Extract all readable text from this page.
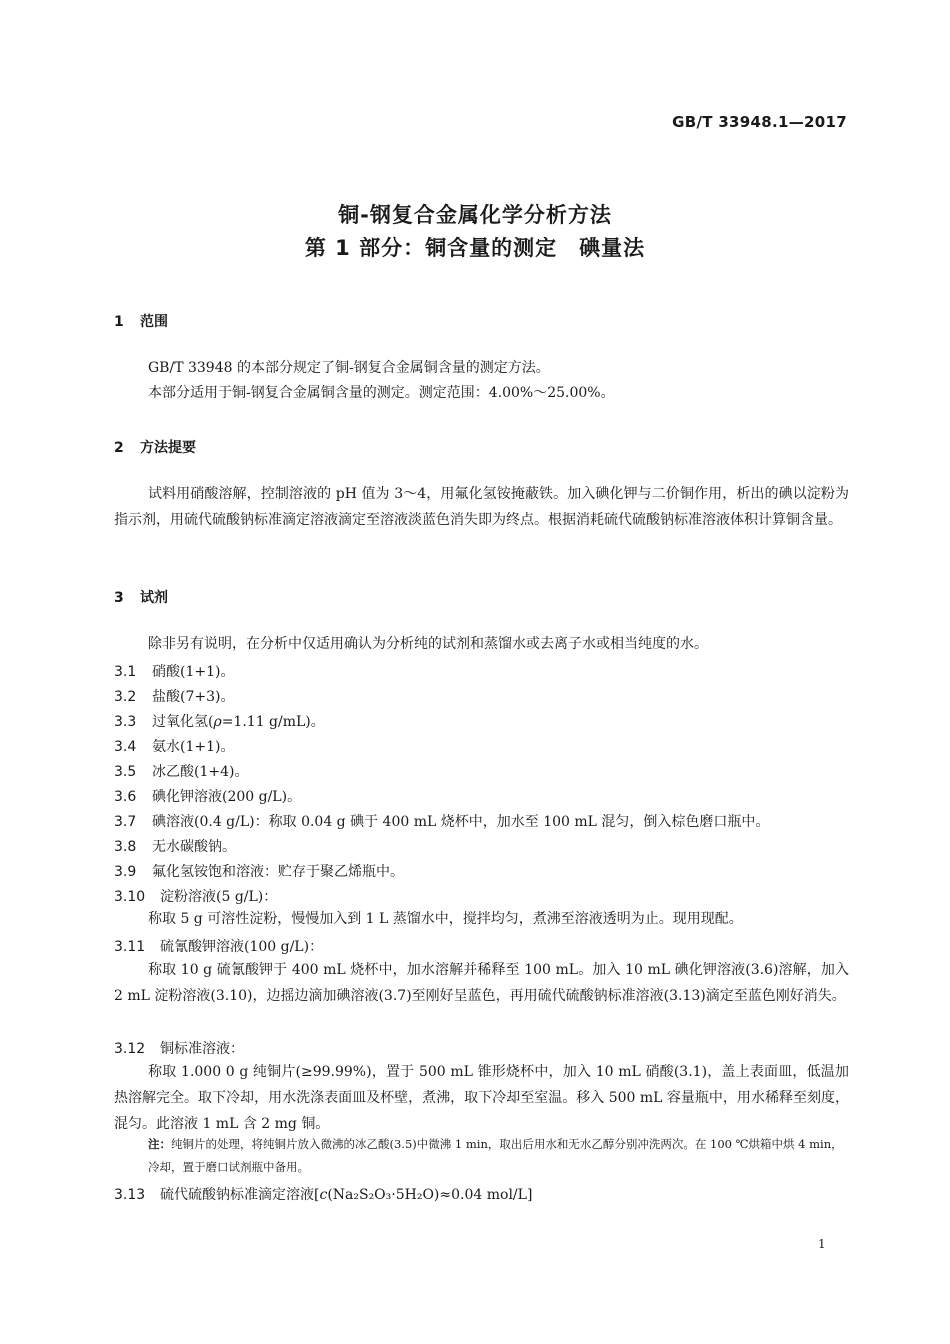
GB/T 33948.1—2017
铜-钢复合金属化学分析方法
第 1 部分：铜含量的测定　碘量法
1 范围
GB/T 33948 的本部分规定了铜-钢复合金属铜含量的测定方法。
本部分适用于铜-钢复合金属铜含量的测定。测定范围：4.00%～25.00%。
2 方法提要
试料用硝酸溶解，控制溶液的 pH 值为 3～4，用氟化氢铵掩蔽铁。加入碘化钾与二价铜作用，析出的碘以淀粉为指示剂，用硫代硫酸钠标准滴定溶液滴定至溶液淡蓝色消失即为终点。根据消耗硫代硫酸钠标准溶液体积计算铜含量。
3 试剂
除非另有说明，在分析中仅适用确认为分析纯的试剂和蒸馏水或去离子水或相当纯度的水。
3.1 硝酸(1+1)。
3.2 盐酸(7+3)。
3.3 过氧化氢(ρ=1.11 g/mL)。
3.4 氨水(1+1)。
3.5 冰乙酸(1+4)。
3.6 碘化钾溶液(200 g/L)。
3.7 碘溶液(0.4 g/L)：称取 0.04 g 碘于 400 mL 烧杯中，加水至 100 mL 混匀，倒入棕色磨口瓶中。
3.8 无水碳酸钠。
3.9 氟化氢铵饱和溶液：贮存于聚乙烯瓶中。
3.10 淀粉溶液(5 g/L)：
称取 5 g 可溶性淀粉，慢慢加入到 1 L 蒸馏水中，搅拌均匀，煮沸至溶液透明为止。现用现配。
3.11 硫氰酸钾溶液(100 g/L)：
称取 10 g 硫氰酸钾于 400 mL 烧杯中，加水溶解并稀释至 100 mL。加入 10 mL 碘化钾溶液(3.6)溶解，加入 2 mL 淀粉溶液(3.10)，边摇边滴加碘溶液(3.7)至刚好呈蓝色，再用硫代硫酸钠标准溶液(3.13)滴定至蓝色刚好消失。
3.12 铜标准溶液：
称取 1.000 0 g 纯铜片(≥99.99%)，置于 500 mL 锥形烧杯中，加入 10 mL 硝酸(3.1)，盖上表面皿，低温加热溶解完全。取下冷却，用水洗涤表面皿及杯壁，煮沸，取下冷却至室温。移入 500 mL 容量瓶中，用水稀释至刻度，混匀。此溶液 1 mL 含 2 mg 铜。
注：纯铜片的处理，将纯铜片放入微沸的冰乙酸(3.5)中微沸 1 min，取出后用水和无水乙醇分别冲洗两次。在 100 ℃烘箱中烘 4 min，冷却，置于磨口试剂瓶中备用。
3.13 硫代硫酸钠标准滴定溶液[c(Na₂S₂O₃·5H₂O)≈0.04 mol/L]
1
